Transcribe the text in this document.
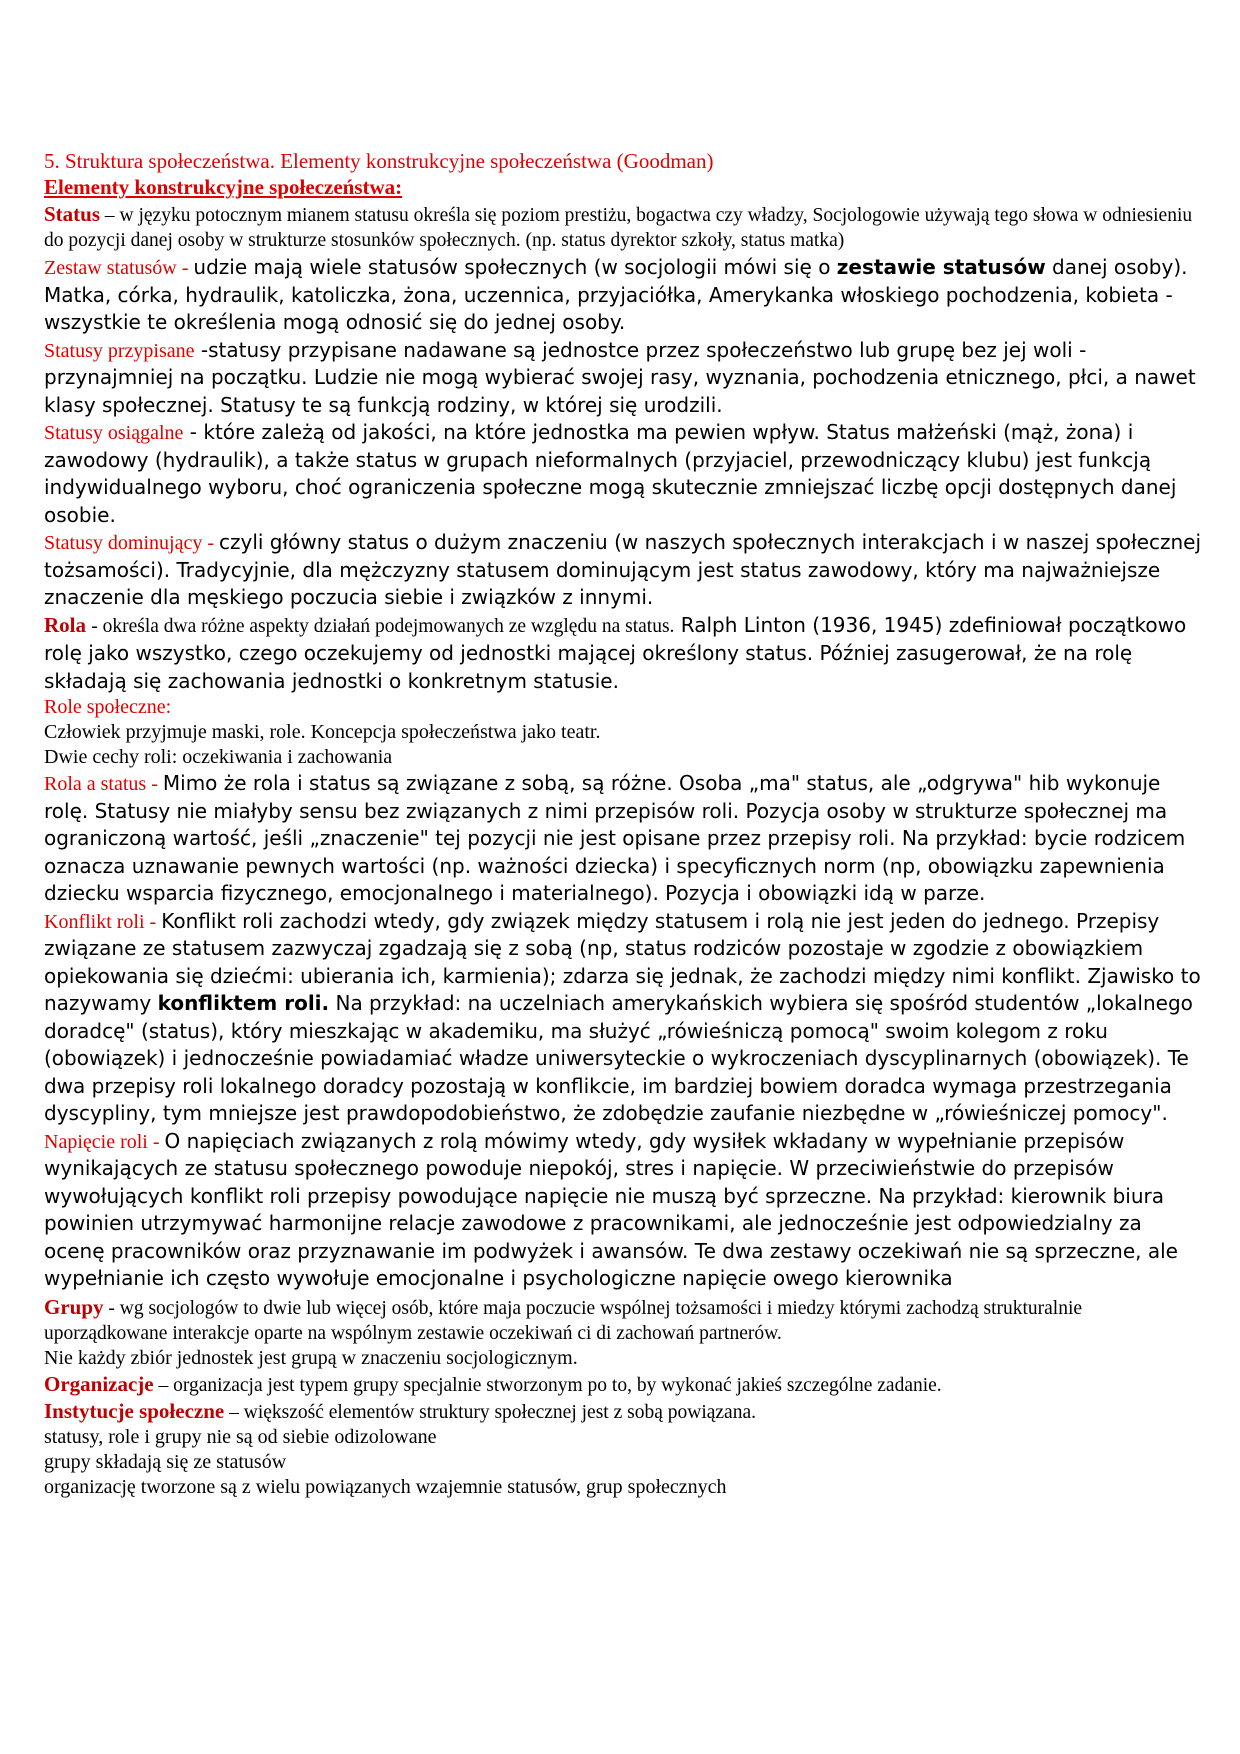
5. Struktura społeczeństwa. Elementy konstrukcyjne społeczeństwa (Goodman)

Elementy konstrukcyjne społeczeństwa:

Status – w języku potocznym mianem statusu określa się poziom prestiżu, bogactwa czy władzy, Socjologowie używają tego słowa w odniesieniu do pozycji danej osoby w strukturze stosunków społecznych. (np. status dyrektor szkoły, status matka)

Zestaw statusów - udzie mają wiele statusów społecznych (w socjologii mówi się o zestawie statusów danej osoby). Matka, córka, hydraulik, katoliczka, żona, uczennica, przyjaciółka, Amerykanka włoskiego pochodzenia, kobieta - wszystkie te określenia mogą odnosić się do jednej osoby.

Statusy przypisane -statusy przypisane nadawane są jednostce przez społeczeństwo lub grupę bez jej woli - przynajmniej na początku. Ludzie nie mogą wybierać swojej rasy, wyznania, pochodzenia etnicznego, płci, a nawet klasy społecznej. Statusy te są funkcją rodziny, w której się urodzili.

Statusy osiągalne - które zależą od jakości, na które jednostka ma pewien wpływ. Status małżeński (mąż, żona) i zawodowy (hydraulik), a także status w grupach nieformalnych (przyjaciel, przewodniczący klubu) jest funkcją indywidualnego wyboru, choć ograniczenia społeczne mogą skutecznie zmniejszać liczbę opcji dostępnych danej osobie.

Statusy dominujący - czyli główny status o dużym znaczeniu (w naszych społecznych interakcjach i w naszej społecznej tożsamości). Tradycyjnie, dla mężczyzny statusem dominującym jest status zawodowy, który ma najważniejsze znaczenie dla męskiego poczucia siebie i związków z innymi.

Rola - określa dwa różne aspekty działań podejmowanych ze względu na status. Ralph Linton (1936, 1945) zdefiniował początkowo rolę jako wszystko, czego oczekujemy od jednostki mającej określony status. Później zasugerował, że na rolę składają się zachowania jednostki o konkretnym statusie.

Role społeczne:

Człowiek przyjmuje maski, role. Koncepcja społeczeństwa jako teatr.

Dwie cechy roli: oczekiwania i zachowania

Rola a status - Mimo że rola i status są związane z sobą, są różne. Osoba „ma" status, ale „odgrywa" hib wykonuje rolę. Statusy nie miałyby sensu bez związanych z nimi przepisów roli. Pozycja osoby w strukturze społecznej ma ograniczoną wartość, jeśli „znaczenie" tej pozycji nie jest opisane przez przepisy roli. Na przykład: bycie rodzicem oznacza uznawanie pewnych wartości (np. ważności dziecka) i specyficznych norm (np, obowiązku zapewnienia dziecku wsparcia fizycznego, emocjonalnego i materialnego). Pozycja i obowiązki idą w parze.

Konflikt roli - Konflikt roli zachodzi wtedy, gdy związek między statusem i rolą nie jest jeden do jednego. Przepisy związane ze statusem zazwyczaj zgadzają się z sobą (np, status rodziców pozostaje w zgodzie z obowiązkiem opiekowania się dziećmi: ubierania ich, karmienia); zdarza się jednak, że zachodzi między nimi konflikt. Zjawisko to nazywamy konfliktem roli. Na przykład: na uczelniach amerykańskich wybiera się spośród studentów „lokalnego doradcę" (status), który mieszkając w akademiku, ma służyć „rówieśniczą pomocą" swoim kolegom z roku (obowiązek) i jednocześnie powiadamiać władze uniwersyteckie o wykroczeniach dyscyplinarnych (obowiązek). Te dwa przepisy roli lokalnego doradcy pozostają w konflikcie, im bardziej bowiem doradca wymaga przestrzegania dyscypliny, tym mniejsze jest prawdopodobieństwo, że zdobędzie zaufanie niezbędne w „rówieśniczej pomocy".

Napięcie roli - O napięciach związanych z rolą mówimy wtedy, gdy wysiłek wkładany w wypełnianie przepisów wynikających ze statusu społecznego powoduje niepokój, stres i napięcie. W przeciwieństwie do przepisów wywołujących konflikt roli przepisy powodujące napięcie nie muszą być sprzeczne. Na przykład: kierownik biura powinien utrzymywać harmonijne relacje zawodowe z pracownikami, ale jednocześnie jest odpowiedzialny za ocenę pracowników oraz przyznawanie im podwyżek i awansów. Te dwa zestawy oczekiwań nie są sprzeczne, ale wypełnianie ich często wywołuje emocjonalne i psychologiczne napięcie owego kierownika

Grupy - wg socjologów to dwie lub więcej osób, które maja poczucie wspólnej tożsamości i miedzy którymi zachodzą strukturalnie uporządkowane interakcje oparte na wspólnym zestawie oczekiwań ci di zachowań partnerów.

Nie każdy zbiór jednostek jest grupą w znaczeniu socjologicznym.

Organizacje – organizacja jest typem grupy specjalnie stworzonym po to, by wykonać jakieś szczególne zadanie.

Instytucje społeczne – większość elementów struktury społecznej jest z sobą powiązana.

statusy, role i grupy nie są od siebie odizolowane

grupy składają się ze statusów

organizację tworzone są z wielu powiązanych wzajemnie statusów, grup społecznych
